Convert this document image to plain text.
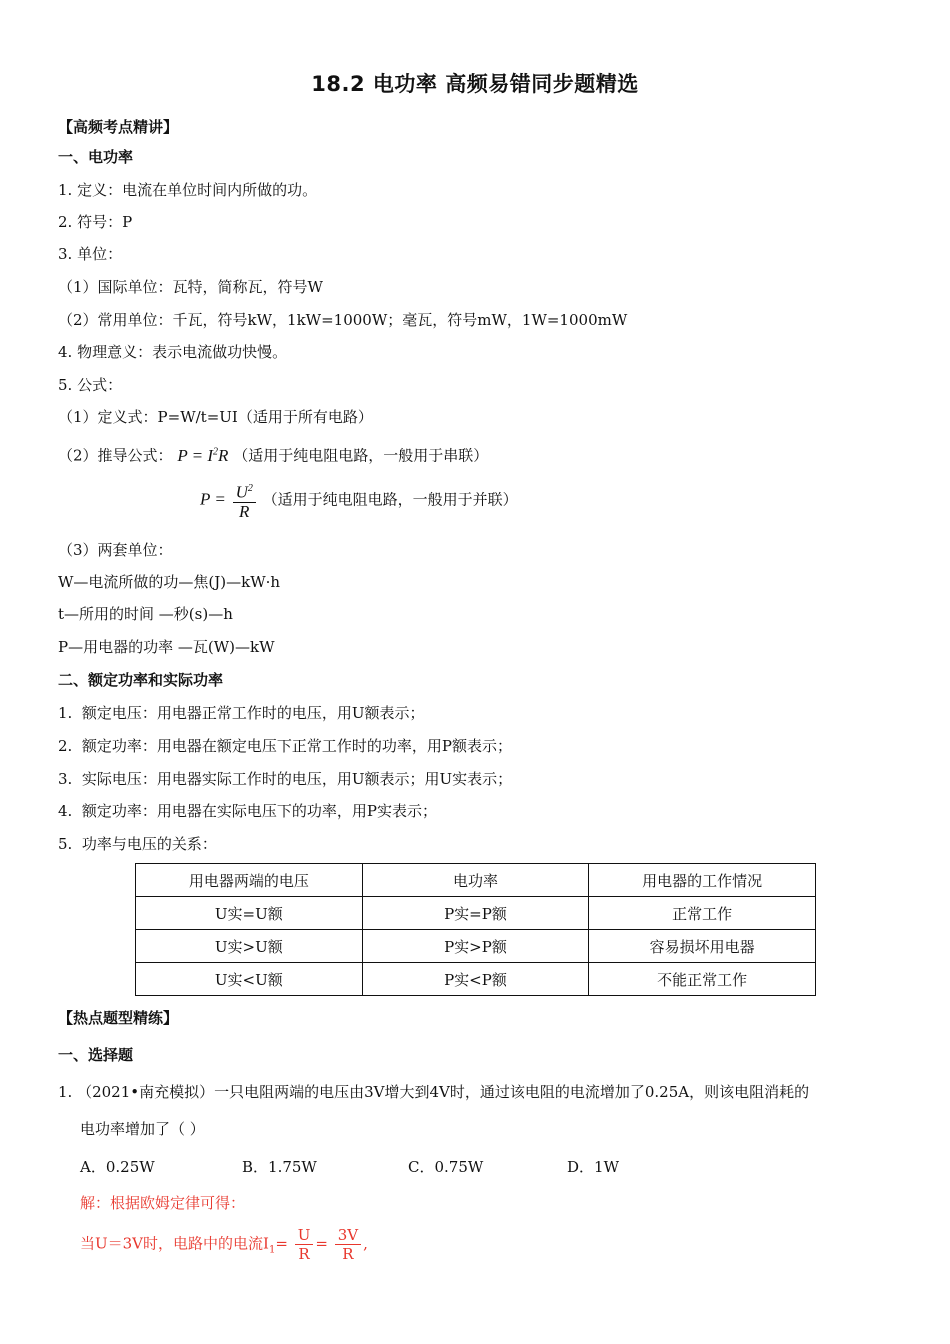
18.2 电功率 高频易错同步题精选
【高频考点精讲】
一、电功率
1. 定义：电流在单位时间内所做的功。
2. 符号：P
3. 单位：
（1）国际单位：瓦特，简称瓦，符号W
（2）常用单位：千瓦，符号kW，1kW=1000W；毫瓦，符号mW，1W=1000mW
4. 物理意义：表示电流做功快慢。
5. 公式：
（1）定义式：P=W/t=UI（适用于所有电路）
（2）推导公式： $P = I^2R$ （适用于纯电阻电路，一般用于串联）
$P = \frac{U^2}{R}$ （适用于纯电阻电路，一般用于并联）
（3）两套单位：
W—电流所做的功—焦(J)—kW·h
t—所用的时间 —秒(s)—h
P—用电器的功率 —瓦(W)—kW
二、额定功率和实际功率
1. 额定电压：用电器正常工作时的电压，用U额表示；
2. 额定功率：用电器在额定电压下正常工作时的功率，用P额表示；
3. 实际电压：用电器实际工作时的电压，用U额表示；用U实表示；
4. 额定功率：用电器在实际电压下的功率，用P实表示；
5. 功率与电压的关系：
用电器两端的电压	电功率	用电器的工作情况
U实=U额	P实=P额	正常工作
U实>U额	P实>P额	容易损坏用电器
U实<U额	P实<P额	不能正常工作
【热点题型精练】
一、选择题
1. （2021•南充模拟）一只电阻两端的电压由3V增大到4V时，通过该电阻的电流增加了0.25A，则该电阻消耗的
电功率增加了（ ）
A．0.25W	B．1.75W	C．0.75W	D．1W
解：根据欧姆定律可得：
当U＝3V时，电路中的电流$I_1= \frac{U}{R} = \frac{3V}{R}$ ,
